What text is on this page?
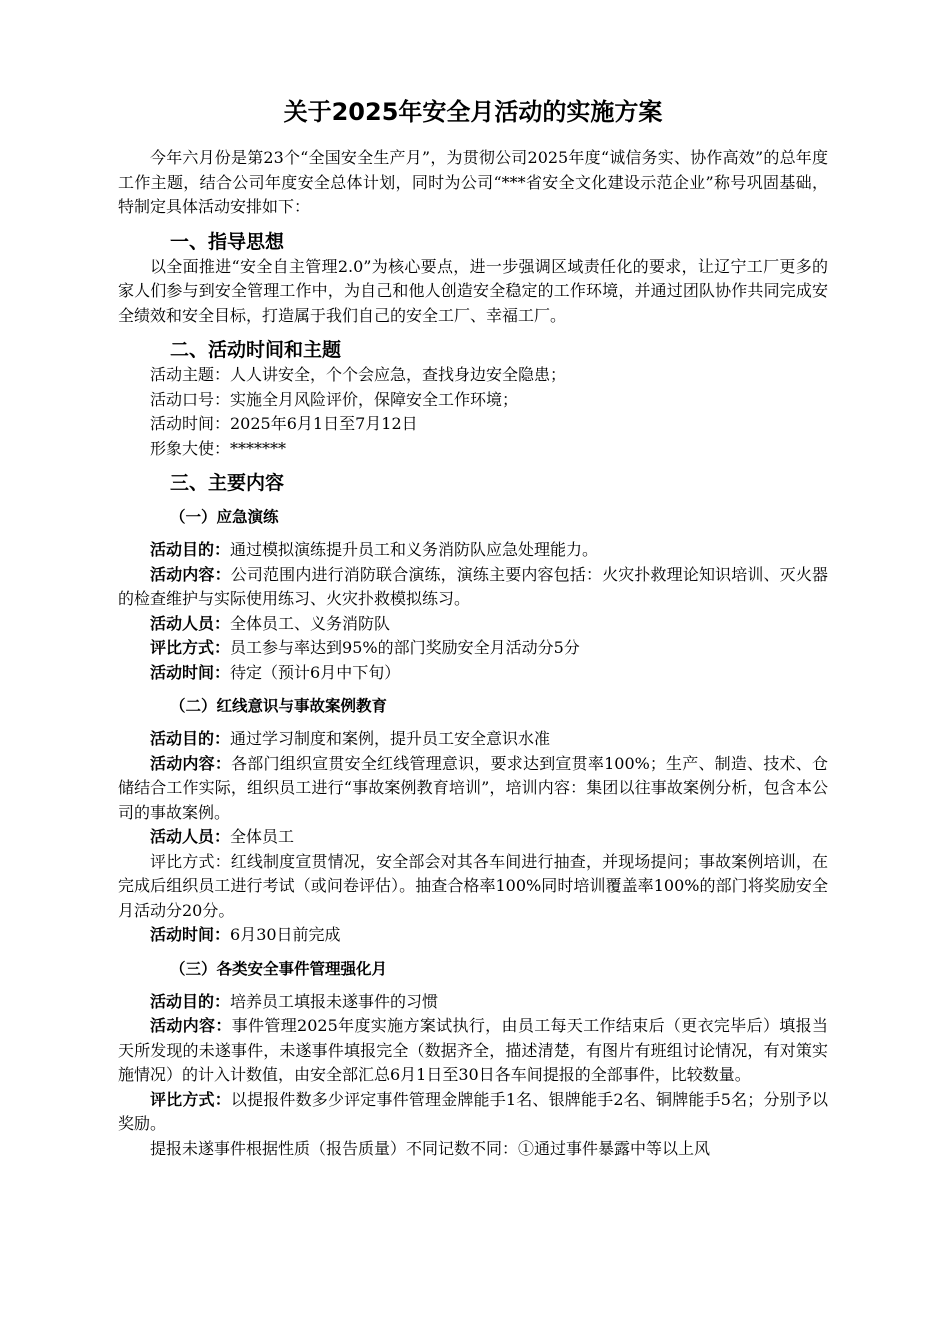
关于2025年安全月活动的实施方案

今年六月份是第23个“全国安全生产月”，为贯彻公司2025年度“诚信务实、协作高效”的总年度工作主题，结合公司年度安全总体计划，同时为公司“***省安全文化建设示范企业”称号巩固基础，特制定具体活动安排如下：

一、指导思想

以全面推进“安全自主管理2.0”为核心要点，进一步强调区域责任化的要求，让辽宁工厂更多的家人们参与到安全管理工作中，为自己和他人创造安全稳定的工作环境，并通过团队协作共同完成安全绩效和安全目标，打造属于我们自己的安全工厂、幸福工厂。

二、活动时间和主题

活动主题：人人讲安全，个个会应急，查找身边安全隐患；

活动口号：实施全月风险评价，保障安全工作环境；

活动时间：2025年6月1日至7月12日

形象大使：*******

三、主要内容
（一）应急演练

活动目的：通过模拟演练提升员工和义务消防队应急处理能力。

活动内容：公司范围内进行消防联合演练，演练主要内容包括：火灾扑救理论知识培训、灭火器的检查维护与实际使用练习、火灾扑救模拟练习。

活动人员：全体员工、义务消防队

评比方式：员工参与率达到95%的部门奖励安全月活动分5分

活动时间：待定（预计6月中下旬）

（二）红线意识与事故案例教育

活动目的：通过学习制度和案例，提升员工安全意识水准

活动内容：各部门组织宣贯安全红线管理意识，要求达到宣贯率100%；生产、制造、技术、仓储结合工作实际，组织员工进行“事故案例教育培训”，培训内容：集团以往事故案例分析，包含本公司的事故案例。

活动人员：全体员工

评比方式：红线制度宣贯情况，安全部会对其各车间进行抽查，并现场提问；事故案例培训，在完成后组织员工进行考试（或问卷评估）。抽查合格率100%同时培训覆盖率100%的部门将奖励安全月活动分20分。

活动时间：6月30日前完成

（三）各类安全事件管理强化月

活动目的：培养员工填报未遂事件的习惯

活动内容：事件管理2025年度实施方案试执行，由员工每天工作结束后（更衣完毕后）填报当天所发现的未遂事件，未遂事件填报完全（数据齐全，描述清楚，有图片有班组讨论情况，有对策实施情况）的计入计数值，由安全部汇总6月1日至30日各车间提报的全部事件，比较数量。

评比方式：以提报件数多少评定事件管理金牌能手1名、银牌能手2名、铜牌能手5名；分别予以奖励。

提报未遂事件根据性质（报告质量）不同记数不同：①通过事件暴露中等以上风
